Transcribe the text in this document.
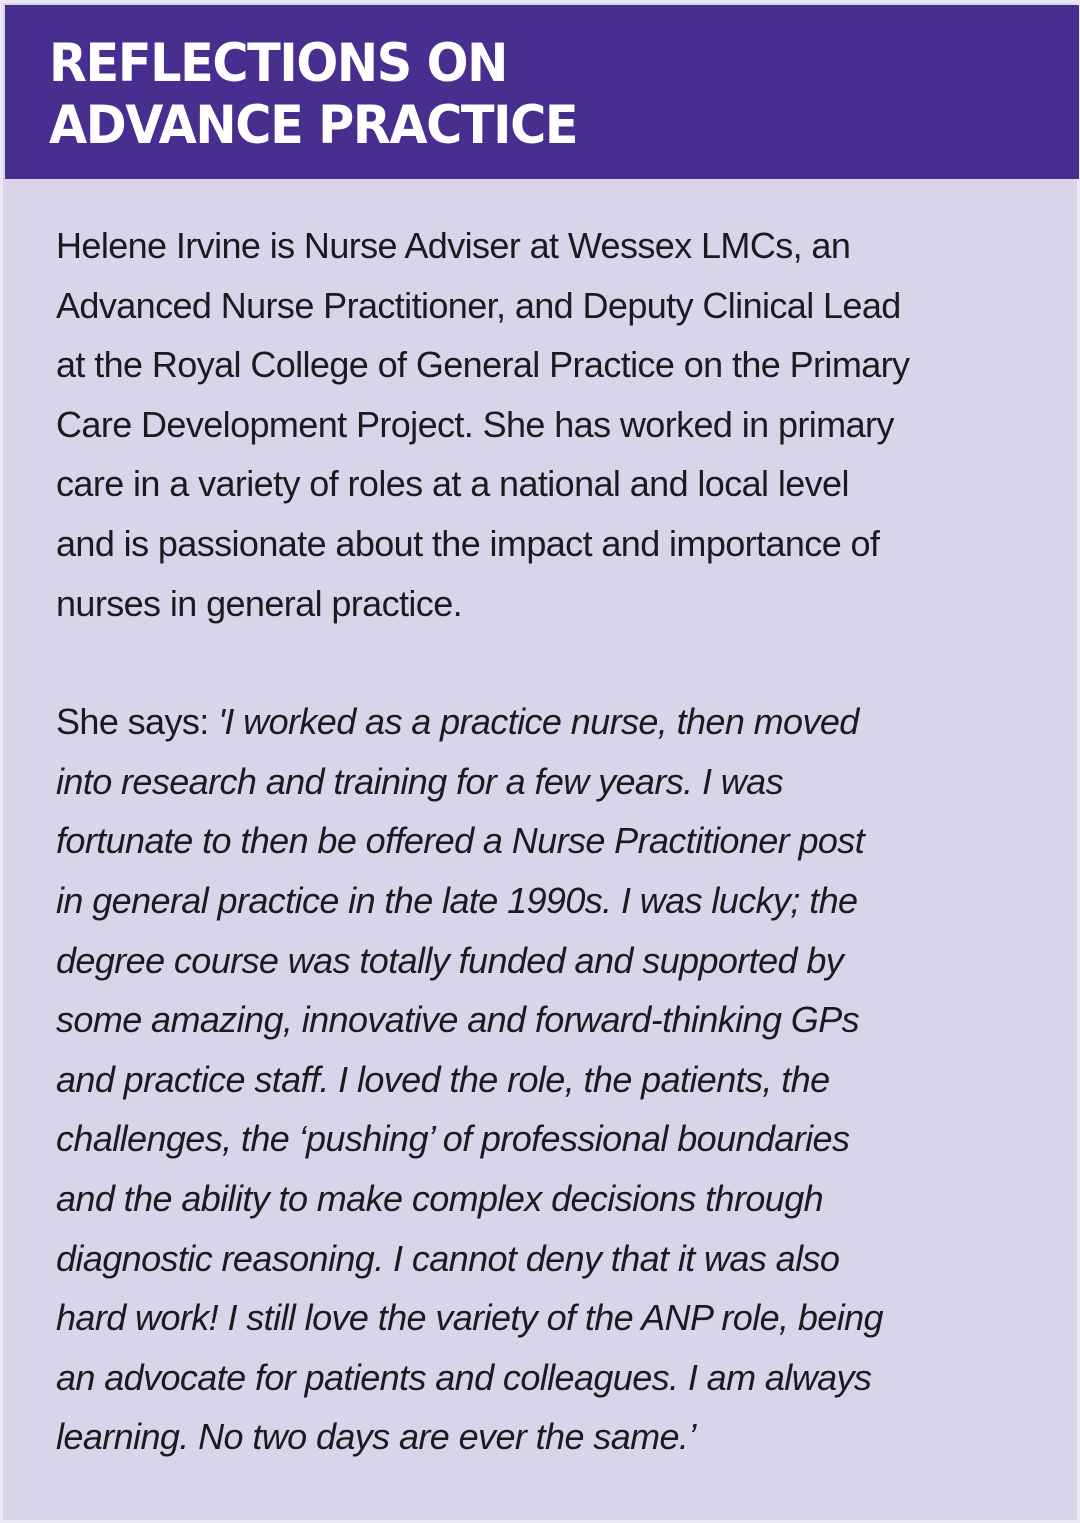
REFLECTIONS ON
ADVANCE PRACTICE

Helene Irvine is Nurse Adviser at Wessex LMCs, an
Advanced Nurse Practitioner, and Deputy Clinical Lead
at the Royal College of General Practice on the Primary
Care Development Project. She has worked in primary
care in a variety of roles at a national and local level
and is passionate about the impact and importance of
nurses in general practice.

She says: 'I worked as a practice nurse, then moved
into research and training for a few years. I was
fortunate to then be offered a Nurse Practitioner post
in general practice in the late 1990s. I was lucky; the
degree course was totally funded and supported by
some amazing, innovative and forward-thinking GPs
and practice staff. I loved the role, the patients, the
challenges, the ‘pushing’ of professional boundaries
and the ability to make complex decisions through
diagnostic reasoning. I cannot deny that it was also
hard work! I still love the variety of the ANP role, being
an advocate for patients and colleagues. I am always
learning. No two days are ever the same.’
